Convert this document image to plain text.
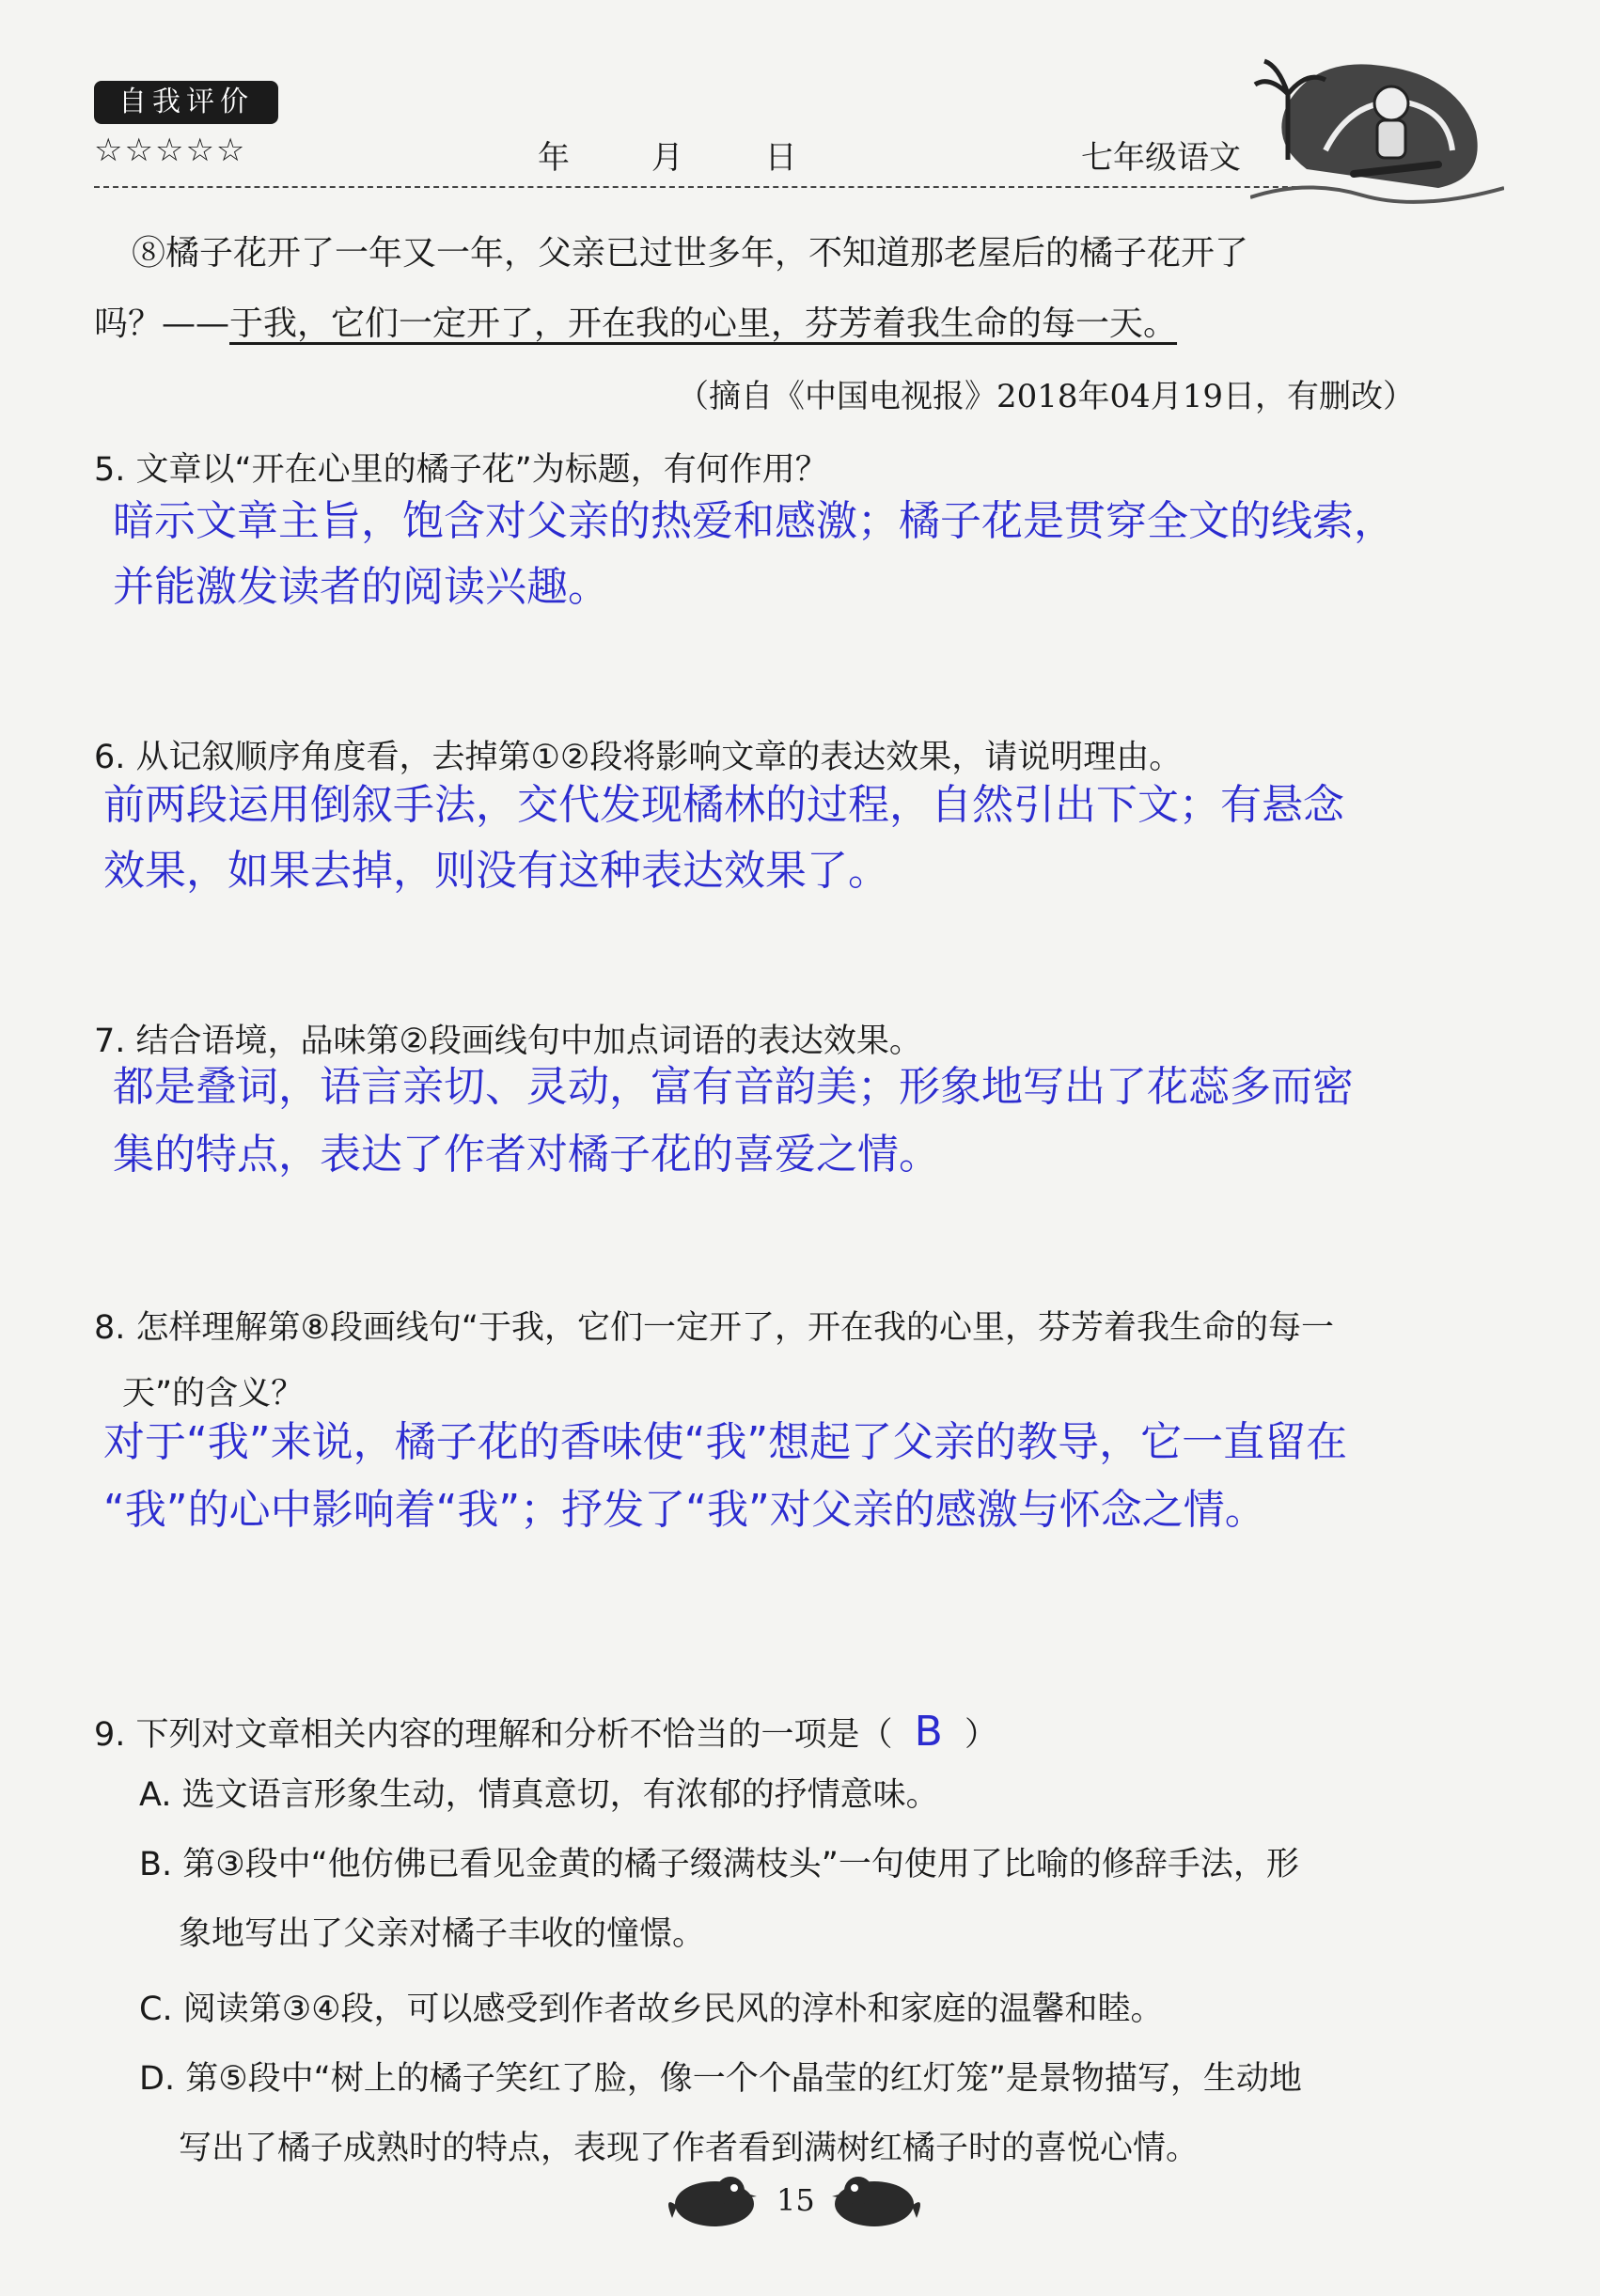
自我评价
☆☆☆☆☆	年	月	日	七年级语文
⑧橘子花开了一年又一年，父亲已过世多年，不知道那老屋后的橘子花开了
吗？——于我，它们一定开了，开在我的心里，芬芳着我生命的每一天。
（摘自《中国电视报》2018年04月19日，有删改）
5. 文章以“开在心里的橘子花”为标题，有何作用？
暗示文章主旨，饱含对父亲的热爱和感激；橘子花是贯穿全文的线索，
并能激发读者的阅读兴趣。
6. 从记叙顺序角度看，去掉第①②段将影响文章的表达效果，请说明理由。
前两段运用倒叙手法，交代发现橘林的过程，自然引出下文；有悬念
效果，如果去掉，则没有这种表达效果了。
7. 结合语境，品味第②段画线句中加点词语的表达效果。
都是叠词，语言亲切、灵动，富有音韵美；形象地写出了花蕊多而密
集的特点，表达了作者对橘子花的喜爱之情。
8. 怎样理解第⑧段画线句“于我，它们一定开了，开在我的心里，芬芳着我生命的每一
天”的含义？
对于“我”来说，橘子花的香味使“我”想起了父亲的教导，它一直留在
“我”的心中影响着“我”；抒发了“我”对父亲的感激与怀念之情。
9. 下列对文章相关内容的理解和分析不恰当的一项是（ B ）
A. 选文语言形象生动，情真意切，有浓郁的抒情意味。
B. 第③段中“他仿佛已看见金黄的橘子缀满枝头”一句使用了比喻的修辞手法，形
象地写出了父亲对橘子丰收的憧憬。
C. 阅读第③④段，可以感受到作者故乡民风的淳朴和家庭的温馨和睦。
D. 第⑤段中“树上的橘子笑红了脸，像一个个晶莹的红灯笼”是景物描写，生动地
写出了橘子成熟时的特点，表现了作者看到满树红橘子时的喜悦心情。
15
